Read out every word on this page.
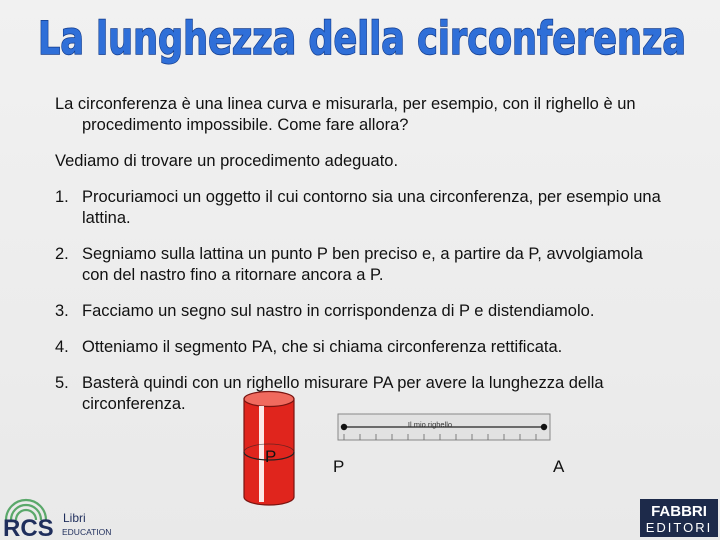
La lunghezza della circonferenza

La circonferenza è una linea curva e misurarla, per esempio, con il righello è un procedimento impossibile. Come fare allora?

Vediamo di trovare un procedimento adeguato.

1. Procuriamoci un oggetto il cui contorno sia una circonferenza, per esempio una lattina.
2. Segniamo sulla lattina un punto P ben preciso e, a partire da P, avvolgiamola con del nastro fino a ritornare ancora a P.
3. Facciamo un segno sul nastro in corrispondenza di P e distendiamolo.
4. Otteniamo il segmento PA, che si chiama circonferenza rettificata.
5. Basterà quindi con un righello misurare PA per avere la lunghezza della circonferenza.
P
Il mio righello
P	A
RCS Libri
EDUCATION
FABBRI
EDITORI
